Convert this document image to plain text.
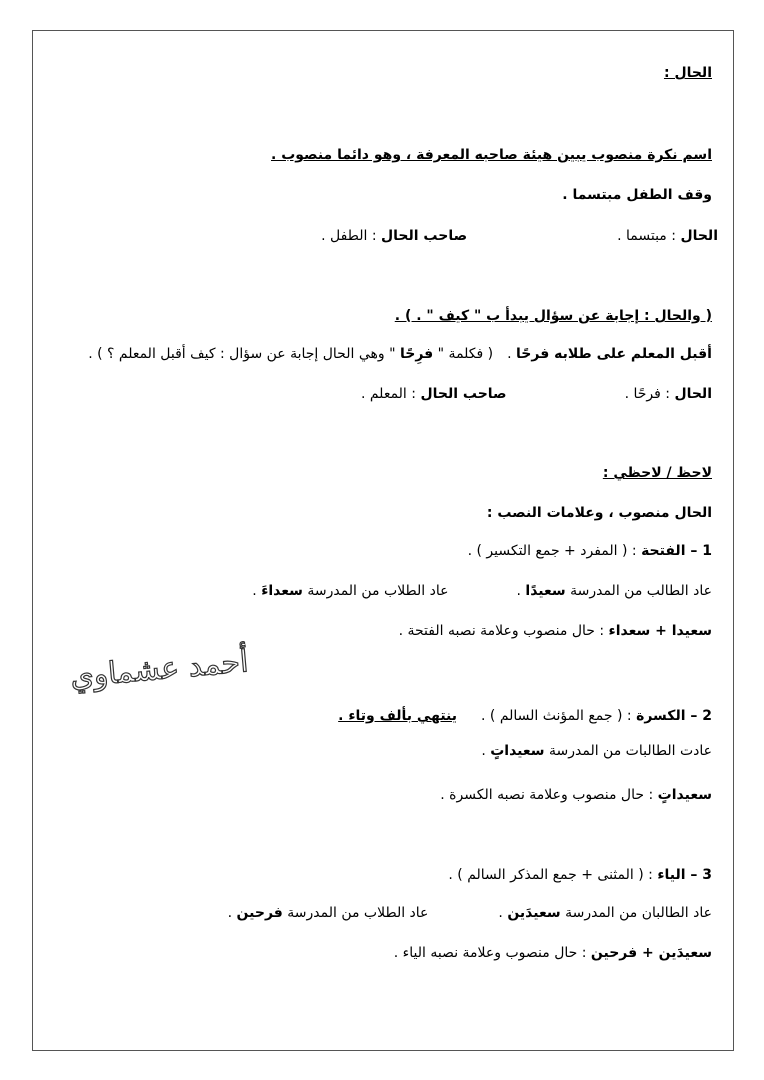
أحمد عشماوي
الحال :
اسم نكرة منصوب يبين هيئة صاحبه المعرفة ، وهو دائما منصوب .
وقف الطفل مبتسما .
الحال : مبتسما .صاحب الحال : الطفل .
( والحال : إجابة عن سؤال يبدأ ب " كيف " . ) .
أقبل المعلم على طلابه فرحًا .( فكلمة " فرِحًا " وهي الحال إجابة عن سؤال : كيف أقبل المعلم ؟ ) .
الحال : فرحًا .صاحب الحال : المعلم .
لاحظ / لاحظي :
الحال منصوب ، وعلامات النصب :
1 – الفتحة : ( المفرد + جمع التكسير ) .
عاد الطالب من المدرسة سعيدًا .عاد الطلاب من المدرسة سعداءَ .
سعيدا + سعداء : حال منصوب وعلامة نصبه الفتحة .
2 – الكسرة : ( جمع المؤنث السالم ) .ينتهي بألف وتاء .
عادت الطالبات من المدرسة سعيداتٍ .
سعيداتٍ : حال منصوب وعلامة نصبه الكسرة .
3 – الياء : ( المثنى + جمع المذكر السالم ) .
عاد الطالبان من المدرسة سعيدَين .عاد الطلاب من المدرسة فرحين .
سعيدَين + فرحين : حال منصوب وعلامة نصبه الياء .
